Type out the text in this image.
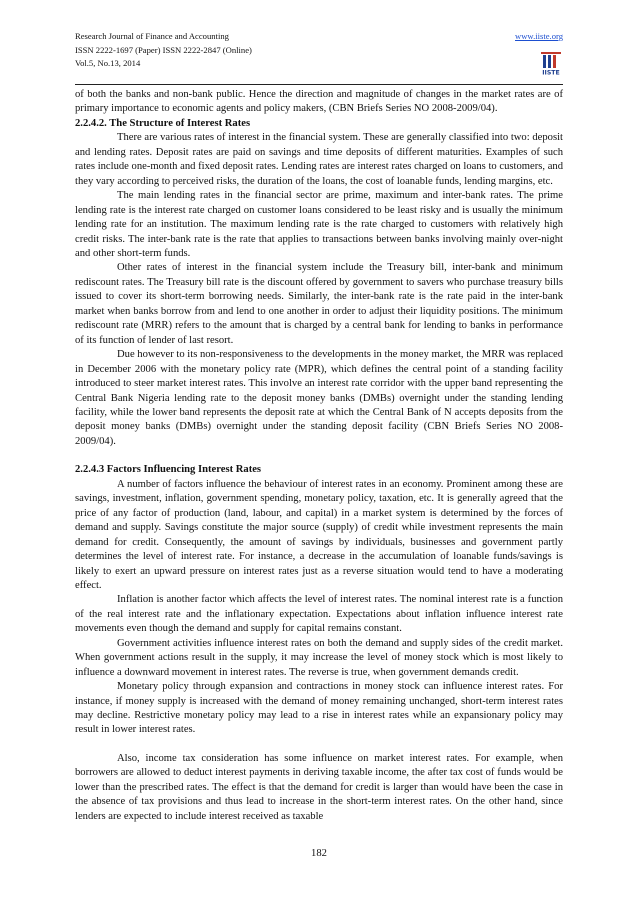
Research Journal of Finance and Accounting
ISSN 2222-1697 (Paper) ISSN 2222-2847 (Online)
Vol.5, No.13, 2014
www.iiste.org
IISTE

of both the banks and non-bank public. Hence the direction and magnitude of changes in the market rates are of primary importance to economic agents and policy makers, (CBN Briefs Series NO 2008-2009/04).

2.2.4.2. The Structure of Interest Rates

There are various rates of interest in the financial system. These are generally classified into two: deposit and lending rates. Deposit rates are paid on savings and time deposits of different maturities. Examples of such rates include one-month and fixed deposit rates. Lending rates are interest rates charged on loans to customers, and they vary according to perceived risks, the duration of the loans, the cost of loanable funds, lending margins, etc.

The main lending rates in the financial sector are prime, maximum and inter-bank rates. The prime lending rate is the interest rate charged on customer loans considered to be least risky and is usually the minimum lending rate for an institution. The maximum lending rate is the rate charged to customers with relatively high credit risks. The inter-bank rate is the rate that applies to transactions between banks involving mainly over-night and other short-term funds.

Other rates of interest in the financial system include the Treasury bill, inter-bank and minimum rediscount rates. The Treasury bill rate is the discount offered by government to savers who purchase treasury bills issued to cover its short-term borrowing needs. Similarly, the inter-bank rate is the rate paid in the inter-bank market when banks borrow from and lend to one another in order to adjust their liquidity positions. The minimum rediscount rate (MRR) refers to the amount that is charged by a central bank for lending to banks in performance of its function of lender of last resort.

Due however to its non-responsiveness to the developments in the money market, the MRR was replaced in December 2006 with the monetary policy rate (MPR), which defines the central point of a standing facility introduced to steer market interest rates. This involve an interest rate corridor with the upper band representing the Central Bank Nigeria lending rate to the deposit money banks (DMBs) overnight under the standing lending facility, while the lower band represents the deposit rate at which the Central Bank of N accepts deposits from the deposit money banks (DMBs) overnight under the standing deposit facility (CBN Briefs Series NO 2008-2009/04).

2.2.4.3 Factors Influencing Interest Rates

A number of factors influence the behaviour of interest rates in an economy. Prominent among these are savings, investment, inflation, government spending, monetary policy, taxation, etc. It is generally agreed that the price of any factor of production (land, labour, and capital) in a market system is determined by the forces of demand and supply. Savings constitute the major source (supply) of credit while investment represents the main demand for credit. Consequently, the amount of savings by individuals, businesses and government partly determines the level of interest rate. For instance, a decrease in the accumulation of loanable funds/savings is likely to exert an upward pressure on interest rates just as a reverse situation would tend to have a moderating effect.

Inflation is another factor which affects the level of interest rates. The nominal interest rate is a function of the real interest rate and the inflationary expectation. Expectations about inflation influence interest rate movements even though the demand and supply for capital remains constant.

Government activities influence interest rates on both the demand and supply sides of the credit market. When government actions result in the supply, it may increase the level of money stock which is most likely to influence a downward movement in interest rates. The reverse is true, when government demands credit.

Monetary policy through expansion and contractions in money stock can influence interest rates. For instance, if money supply is increased with the demand of money remaining unchanged, short-term interest rates may decline. Restrictive monetary policy may lead to a rise in interest rates while an expansionary policy may result in lower interest rates.

Also, income tax consideration has some influence on market interest rates. For example, when borrowers are allowed to deduct interest payments in deriving taxable income, the after tax cost of funds would be lower than the prescribed rates. The effect is that the demand for credit is larger than would have been the case in the absence of tax provisions and thus lead to increase in the short-term interest rates. On the other hand, since lenders are expected to include interest received as taxable

182
